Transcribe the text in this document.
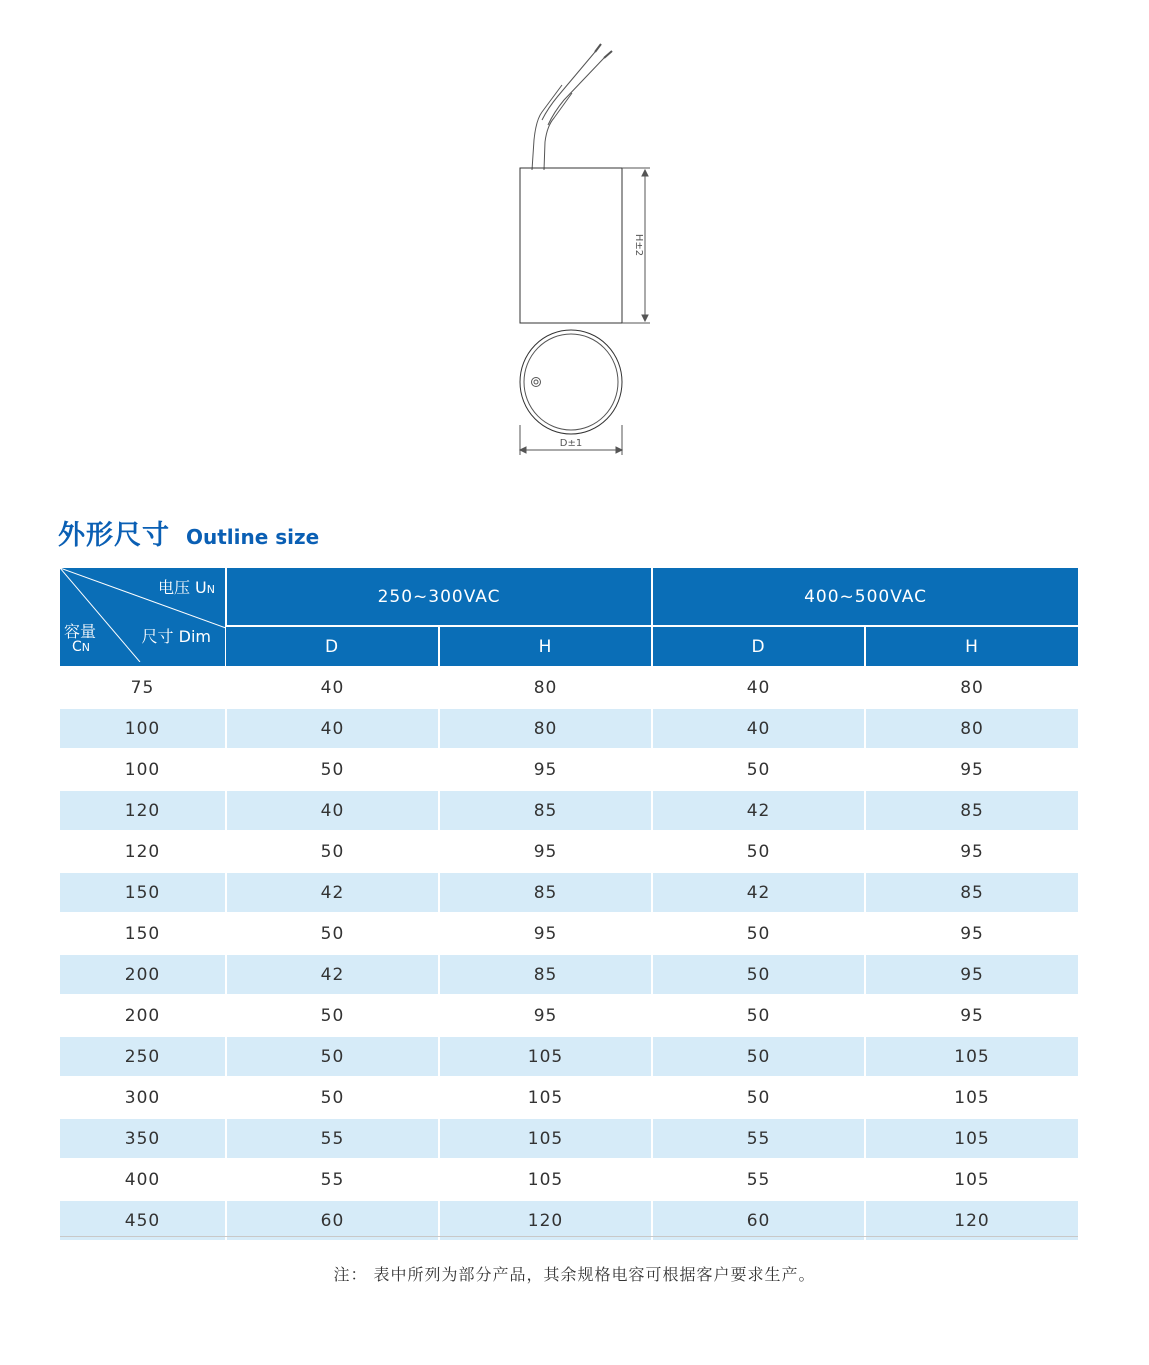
H±2
D±1
外形尺寸 Outline size
电压 UN
尺寸 Dim
容量
CN	250~300VAC		400~500VAC	
	D	H	D	H
75	40	80	40	80
100	40	80	40	80
100	50	95	50	95
120	40	85	42	85
120	50	95	50	95
150	42	85	42	85
150	50	95	50	95
200	42	85	50	95
200	50	95	50	95
250	50	105	50	105
300	50	105	50	105
350	55	105	55	105
400	55	105	55	105
450	60	120	60	120
注： 表中所列为部分产品，其余规格电容可根据客户要求生产。
